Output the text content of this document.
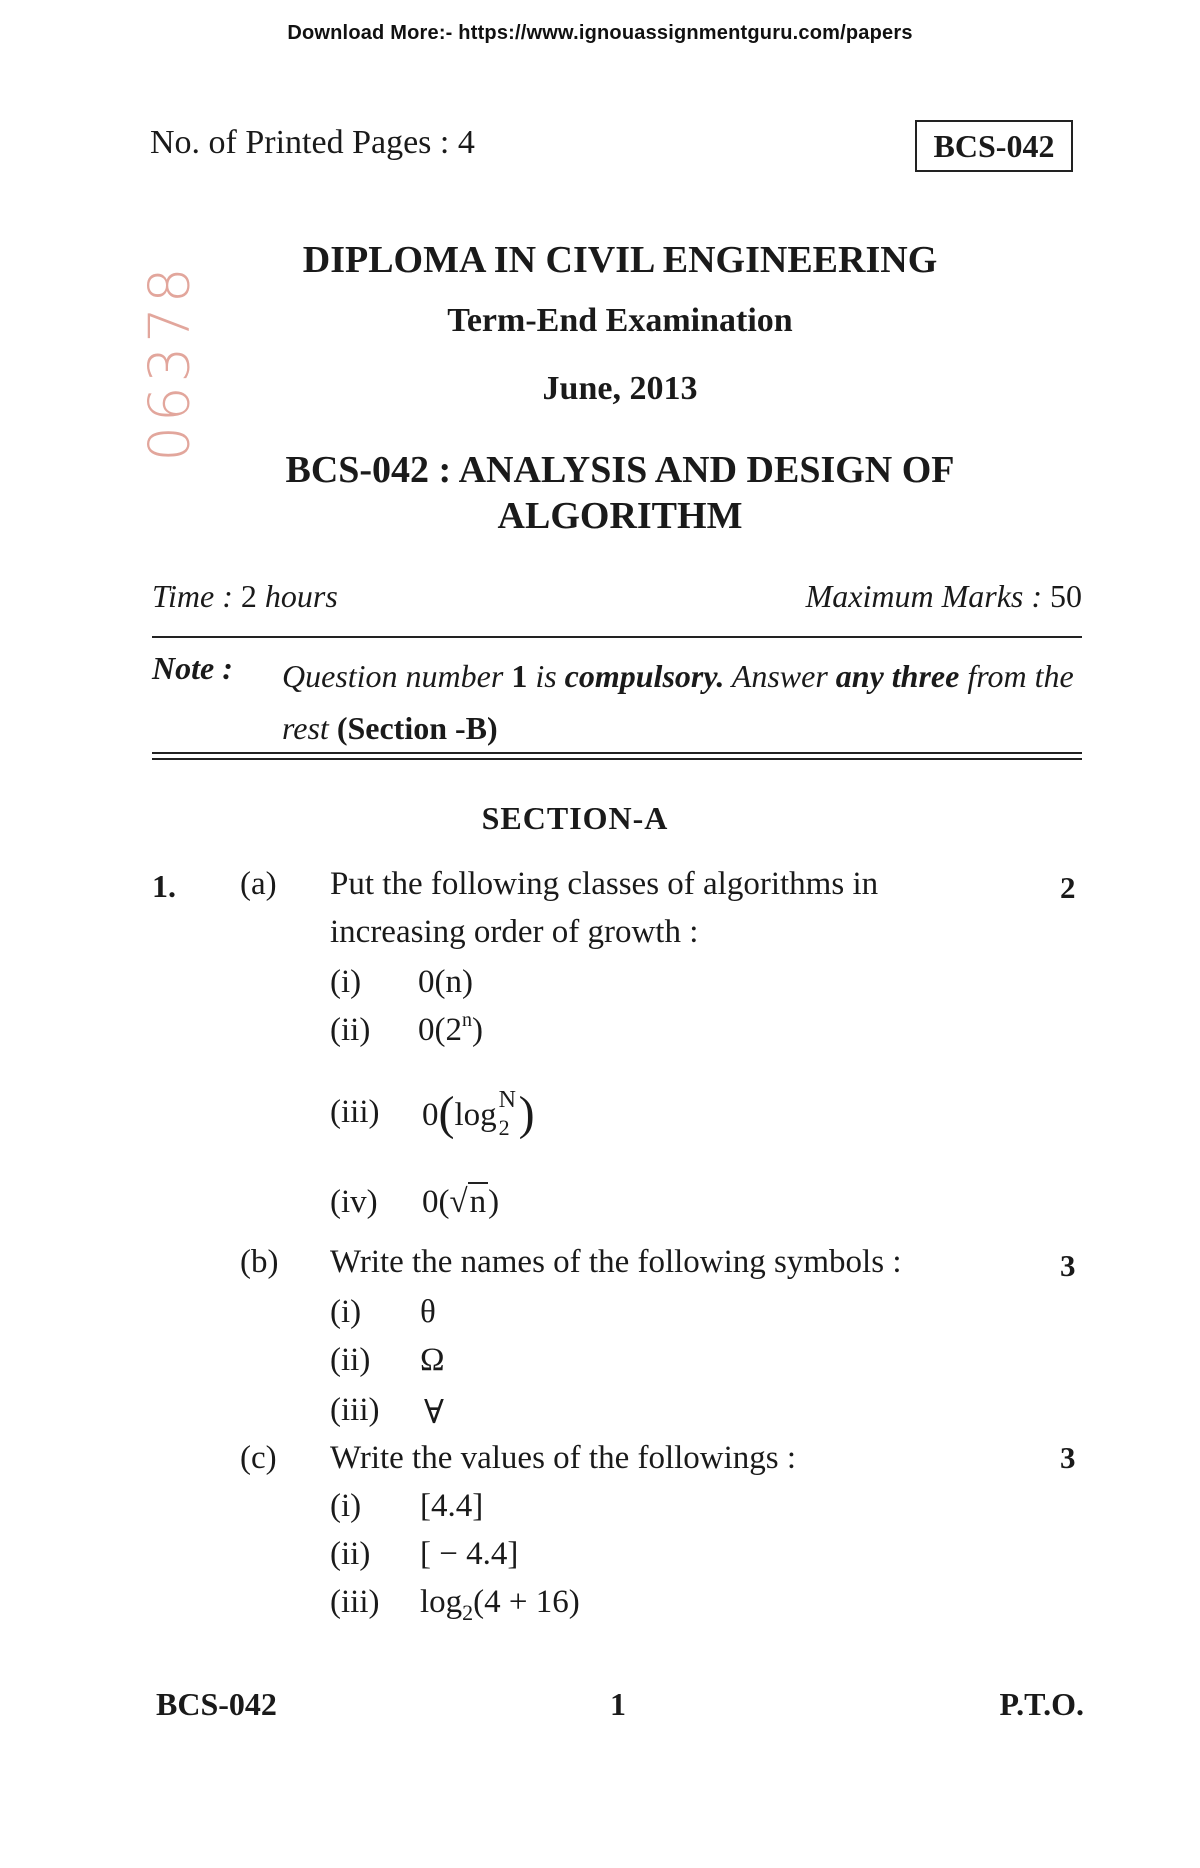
Download More:- https://www.ignouassignmentguru.com/papers
No. of Printed Pages : 4	BCS-042
06378
DIPLOMA IN CIVIL ENGINEERING
Term-End Examination
June, 2013
BCS-042 : ANALYSIS AND DESIGN OF
ALGORITHM
Time : 2 hours	Maximum Marks : 50
Note : Question number 1 is compulsory. Answer any three from the rest (Section -B)
SECTION-A
1. (a) Put the following classes of algorithms in
increasing order of growth :
2
(i) 0(n)
(ii) 0(2$^n$)
(iii) 0(log N
2 )
(iv) 0(√n)
(b) Write the names of the following symbols :	3
(i) θ
(ii) Ω
(iii) ∀
(c) Write the values of the followings :	3
(i) [4.4]
(ii) [ − 4.4]
(iii) $\log_2(4 + 16)$
BCS-042	1	P.T.O.
